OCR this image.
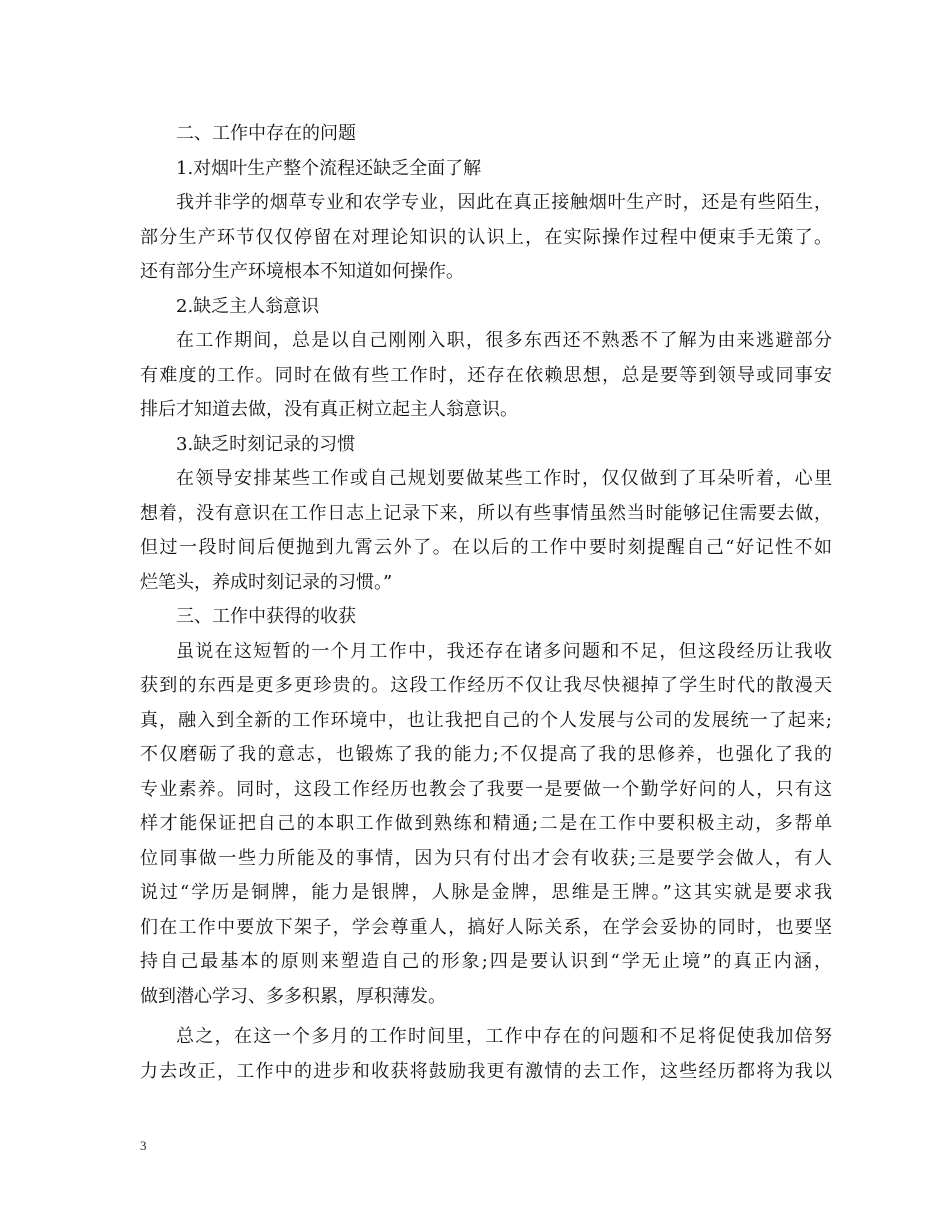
二、工作中存在的问题
1.对烟叶生产整个流程还缺乏全面了解
我并非学的烟草专业和农学专业，因此在真正接触烟叶生产时，还是有些陌生，
部分生产环节仅仅停留在对理论知识的认识上，在实际操作过程中便束手无策了。
还有部分生产环境根本不知道如何操作。
2.缺乏主人翁意识
在工作期间，总是以自己刚刚入职，很多东西还不熟悉不了解为由来逃避部分
有难度的工作。同时在做有些工作时，还存在依赖思想，总是要等到领导或同事安
排后才知道去做，没有真正树立起主人翁意识。
3.缺乏时刻记录的习惯
在领导安排某些工作或自己规划要做某些工作时，仅仅做到了耳朵听着，心里
想着，没有意识在工作日志上记录下来，所以有些事情虽然当时能够记住需要去做，
但过一段时间后便抛到九霄云外了。在以后的工作中要时刻提醒自己“好记性不如
烂笔头，养成时刻记录的习惯。”
三、工作中获得的收获
虽说在这短暂的一个月工作中，我还存在诸多问题和不足，但这段经历让我收
获到的东西是更多更珍贵的。这段工作经历不仅让我尽快褪掉了学生时代的散漫天
真，融入到全新的工作环境中，也让我把自己的个人发展与公司的发展统一了起来;
不仅磨砺了我的意志，也锻炼了我的能力;不仅提高了我的思修养，也强化了我的
专业素养。同时，这段工作经历也教会了我要一是要做一个勤学好问的人，只有这
样才能保证把自己的本职工作做到熟练和精通;二是在工作中要积极主动，多帮单
位同事做一些力所能及的事情，因为只有付出才会有收获;三是要学会做人，有人
说过“学历是铜牌，能力是银牌，人脉是金牌，思维是王牌。”这其实就是要求我
们在工作中要放下架子，学会尊重人，搞好人际关系，在学会妥协的同时，也要坚
持自己最基本的原则来塑造自己的形象;四是要认识到“学无止境”的真正内涵，
做到潜心学习、多多积累，厚积薄发。
总之，在这一个多月的工作时间里，工作中存在的问题和不足将促使我加倍努
力去改正，工作中的进步和收获将鼓励我更有激情的去工作，这些经历都将为我以
3
